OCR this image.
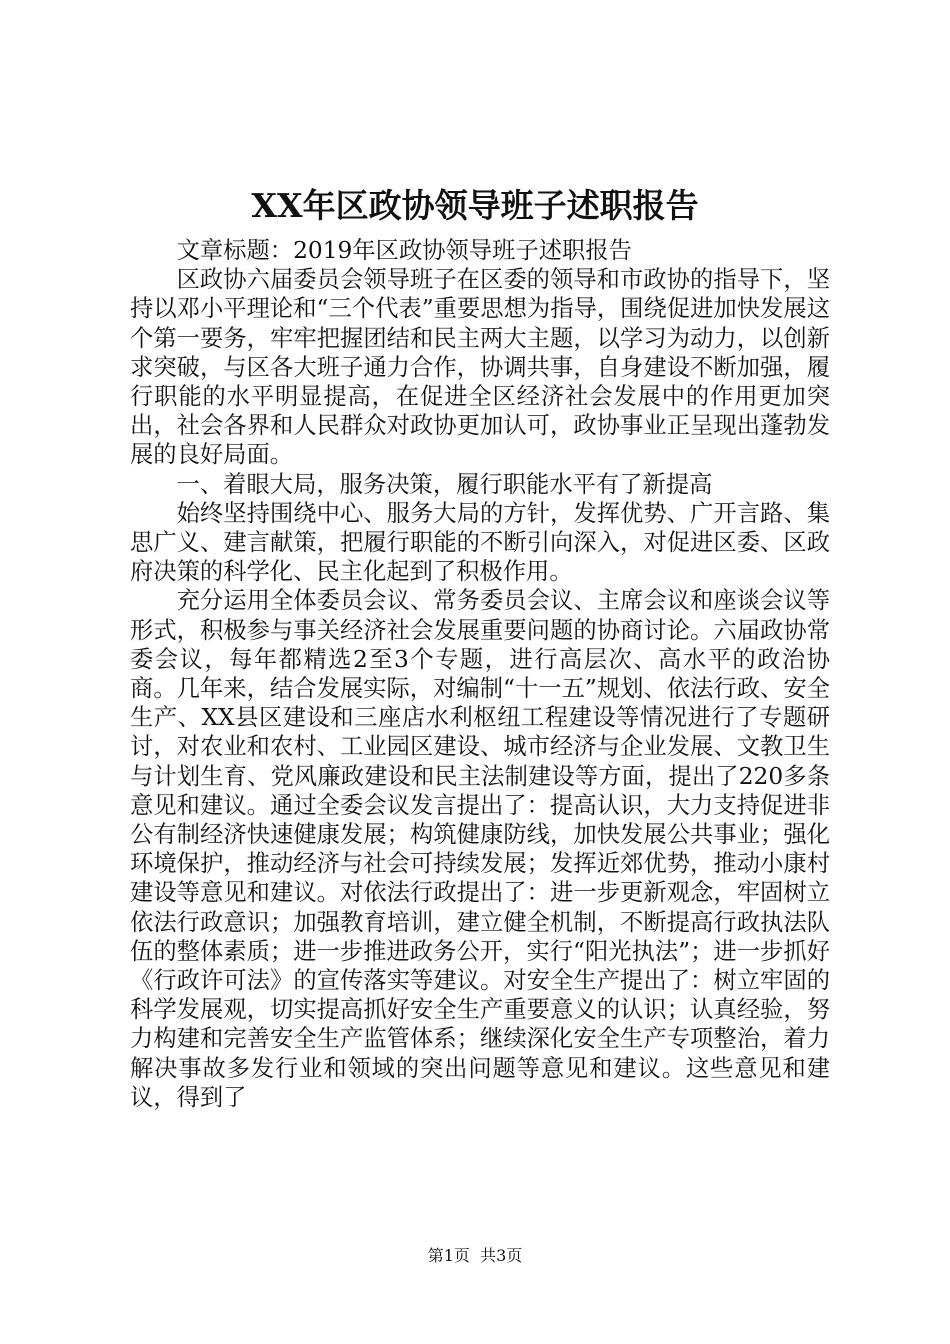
XX年区政协领导班子述职报告

文章标题：2019年区政协领导班子述职报告

区政协六届委员会领导班子在区委的领导和市政协的指导下，坚持以邓小平理论和“三个代表”重要思想为指导，围绕促进加快发展这个第一要务，牢牢把握团结和民主两大主题，以学习为动力，以创新求突破，与区各大班子通力合作，协调共事，自身建设不断加强，履行职能的水平明显提高，在促进全区经济社会发展中的作用更加突出，社会各界和人民群众对政协更加认可，政协事业正呈现出蓬勃发展的良好局面。

一、着眼大局，服务决策，履行职能水平有了新提高

始终坚持围绕中心、服务大局的方针，发挥优势、广开言路、集思广义、建言献策，把履行职能的不断引向深入，对促进区委、区政府决策的科学化、民主化起到了积极作用。

充分运用全体委员会议、常务委员会议、主席会议和座谈会议等形式，积极参与事关经济社会发展重要问题的协商讨论。六届政协常委会议，每年都精选2至3个专题，进行高层次、高水平的政治协商。几年来，结合发展实际，对编制“十一五”规划、依法行政、安全生产、XX县区建设和三座店水利枢纽工程建设等情况进行了专题研讨，对农业和农村、工业园区建设、城市经济与企业发展、文教卫生与计划生育、党风廉政建设和民主法制建设等方面，提出了220多条意见和建议。通过全委会议发言提出了：提高认识，大力支持促进非公有制经济快速健康发展；构筑健康防线，加快发展公共事业；强化环境保护，推动经济与社会可持续发展；发挥近郊优势，推动小康村建设等意见和建议。对依法行政提出了：进一步更新观念，牢固树立依法行政意识；加强教育培训，建立健全机制，不断提高行政执法队伍的整体素质；进一步推进政务公开，实行“阳光执法”；进一步抓好《行政许可法》的宣传落实等建议。对安全生产提出了：树立牢固的科学发展观，切实提高抓好安全生产重要意义的认识；认真经验，努力构建和完善安全生产监管体系；继续深化安全生产专项整治，着力解决事故多发行业和领域的突出问题等意见和建议。这些意见和建议，得到了

第1页  共3页
